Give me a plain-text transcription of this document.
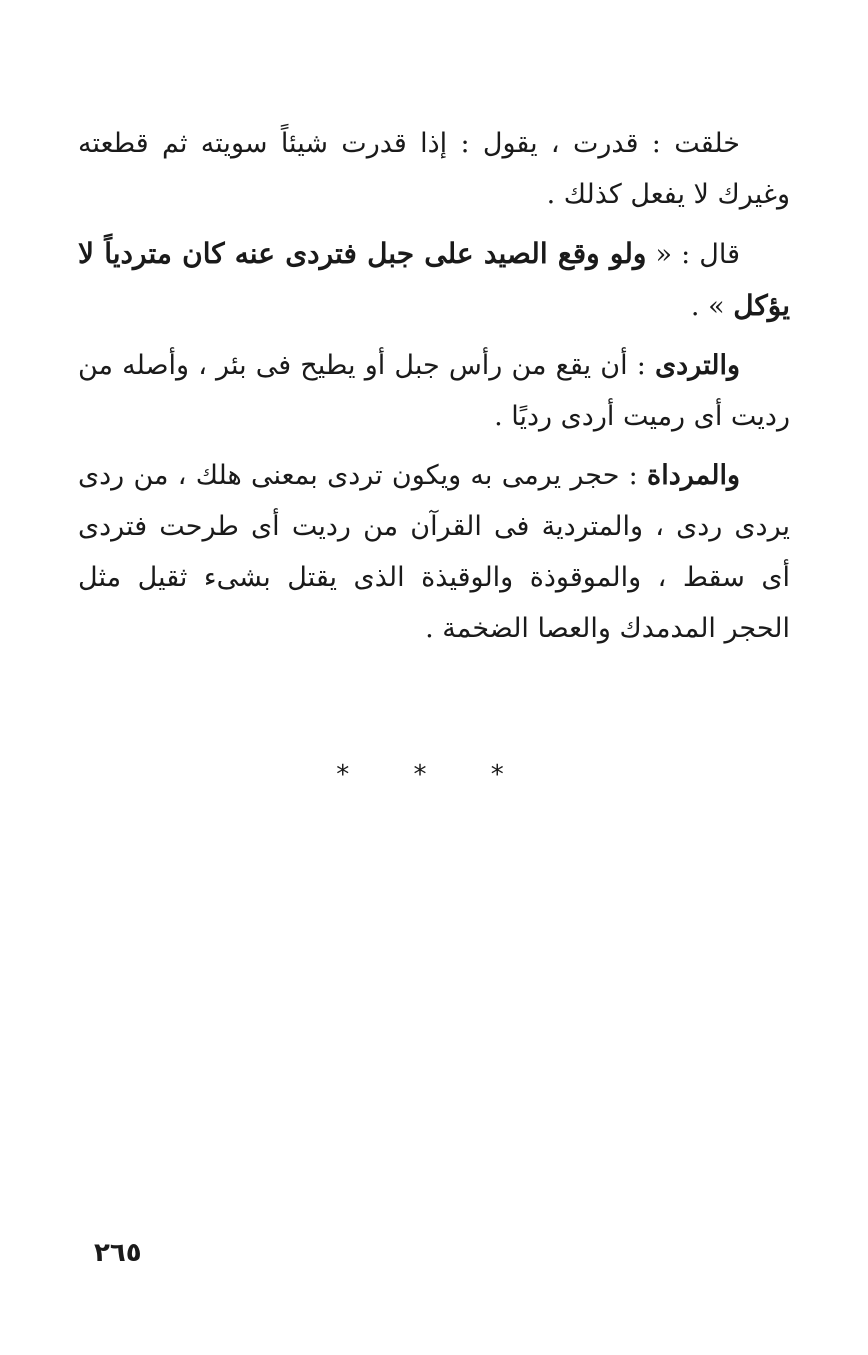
خلقت : قدرت ، يقول : إذا قدرت شيئاً سويته ثم قطعته وغيرك لا يفعل كذلك .

قال : « ولو وقع الصيد على جبل فتردى عنه كان متردياً لا يؤكل » .

والتردى : أن يقع من رأس جبل أو يطيح فى بئر ، وأصله من رديت أى رميت أردى رديًا .

والمرداة : حجر يرمى به ويكون تردى بمعنى هلك ، من ردى يردى ردى ، والمتردية فى القرآن من رديت أى طرحت فتردى أى سقط ، والموقوذة والوقيذة الذى يقتل بشىء ثقيل مثل الحجر المدمدك والعصا الضخمة .

* * *
٢٦٥
